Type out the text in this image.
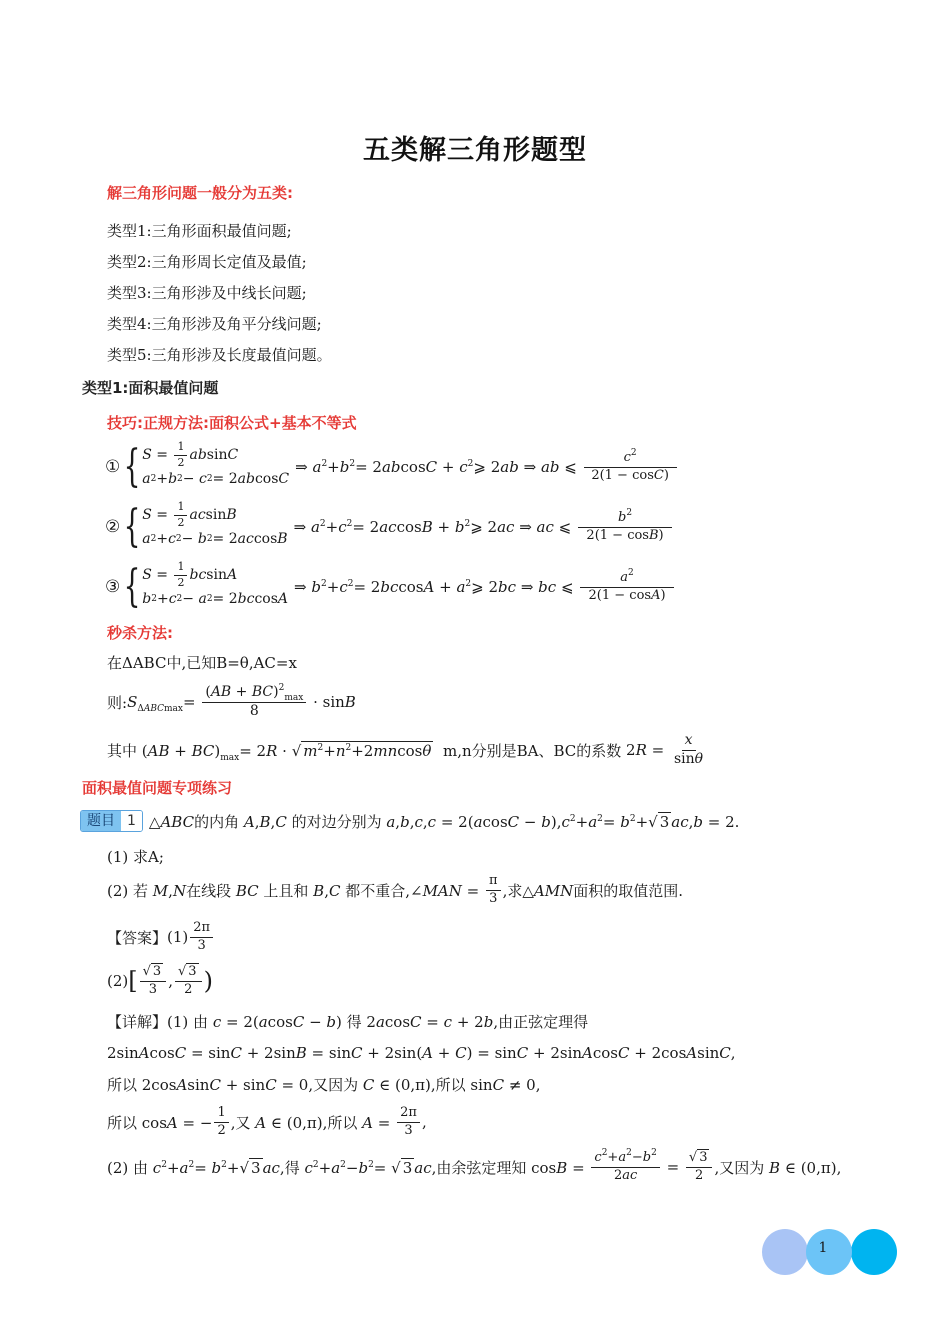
五类解三角形题型
解三角形问题一般分为五类:
类型1:三角形面积最值问题;
类型2:三角形周长定值及最值;
类型3:三角形涉及中线长问题;
类型4:三角形涉及角平分线问题;
类型5:三角形涉及长度最值问题。
类型1:面积最值问题
技巧:正规方法:面积公式+基本不等式
① { $S = \frac{1}{2}$ ab sin C
a 2 + b 2 − c 2 = 2 ab cos C
⇒ $a^2+b^2= 2abcosC$ + $c^2⩾$ 2ab ⇒ ab ⩽ $\frac{c^2}{2(1 - \cos C)}$
② { $S = \frac{1}{2}$ ac sin B
a 2 + c 2 − b 2 = 2 ac cos B
⇒ $a^2+c^2= 2accosB$ + $b^2⩾$ 2ac ⇒ ac ⩽ $\frac{b^2}{2(1 - \cos B)}$
③ { $S = \frac{1}{2}$ bc sin A
b 2 + c 2 − a 2 = 2 bc cos A
⇒ $b^2+c^2= 2bccosA$ + $a^2⩾$ 2bc ⇒ bc ⩽ $\frac{a^2}{2(1 - \cos A)}$
秒杀方法:
在ΔABC中,已知B=θ,AC=x
则: $S_{\Delta ABCmax}= \frac{(AB + BC)^2_{max}}{8} \cdot \sin B$
其中 $(AB + BC)_{max}= 2R$ · √ $m^2+n^2+2mncos\theta$ m,n分别是BA、BC的系数 $2R = \frac{x}{\sin\theta}$
面积最值问题专项练习
题目 1 △ABC的内角 A,B,C 的对边分别为 $a,b,c,c = 2(acosC - b),c^2+a^2= b^2+√$ 3 ac,b = 2.
(1) 求A;
(2) 若 M,N在线段 BC 上且和 B,C 都不重合,∠MAN = $\frac{\pi}{3}$ ,求△AMN面积的取值范围.
【答案】 $(1) \frac{2\pi}{3}$
(2) [ $\frac{√ 3}{3}$ , $\frac{√ 3}{2}$ )
【详解】 (1) 由 c = 2(acosC − b) 得 2acosC = c + 2b,由正弦定理得
2sinAcosC = sinC + 2sinB = sinC + 2sin(A + C) = sinC + 2sinAcosC + 2cosAsinC,
所以 2cosAsinC + sinC = 0,又因为 C ∈ (0,π),所以 sinC ≠ 0,
所以 cosA = − $\frac{1}{2}$ ,又 A ∈ (0,π),所以 $A = \frac{2\pi}{3}$ ,
(2) 由 $c^2+a^2= b^2+√$ 3 ac,得 $c^2+a^2-b^2=$ √ 3 ac,由余弦定理知 $\cos B = \frac{c^2+a^2-b^2}{2ac} = \frac{√ 3}{2}$ ,又因为 B ∈ (0,π),
1
